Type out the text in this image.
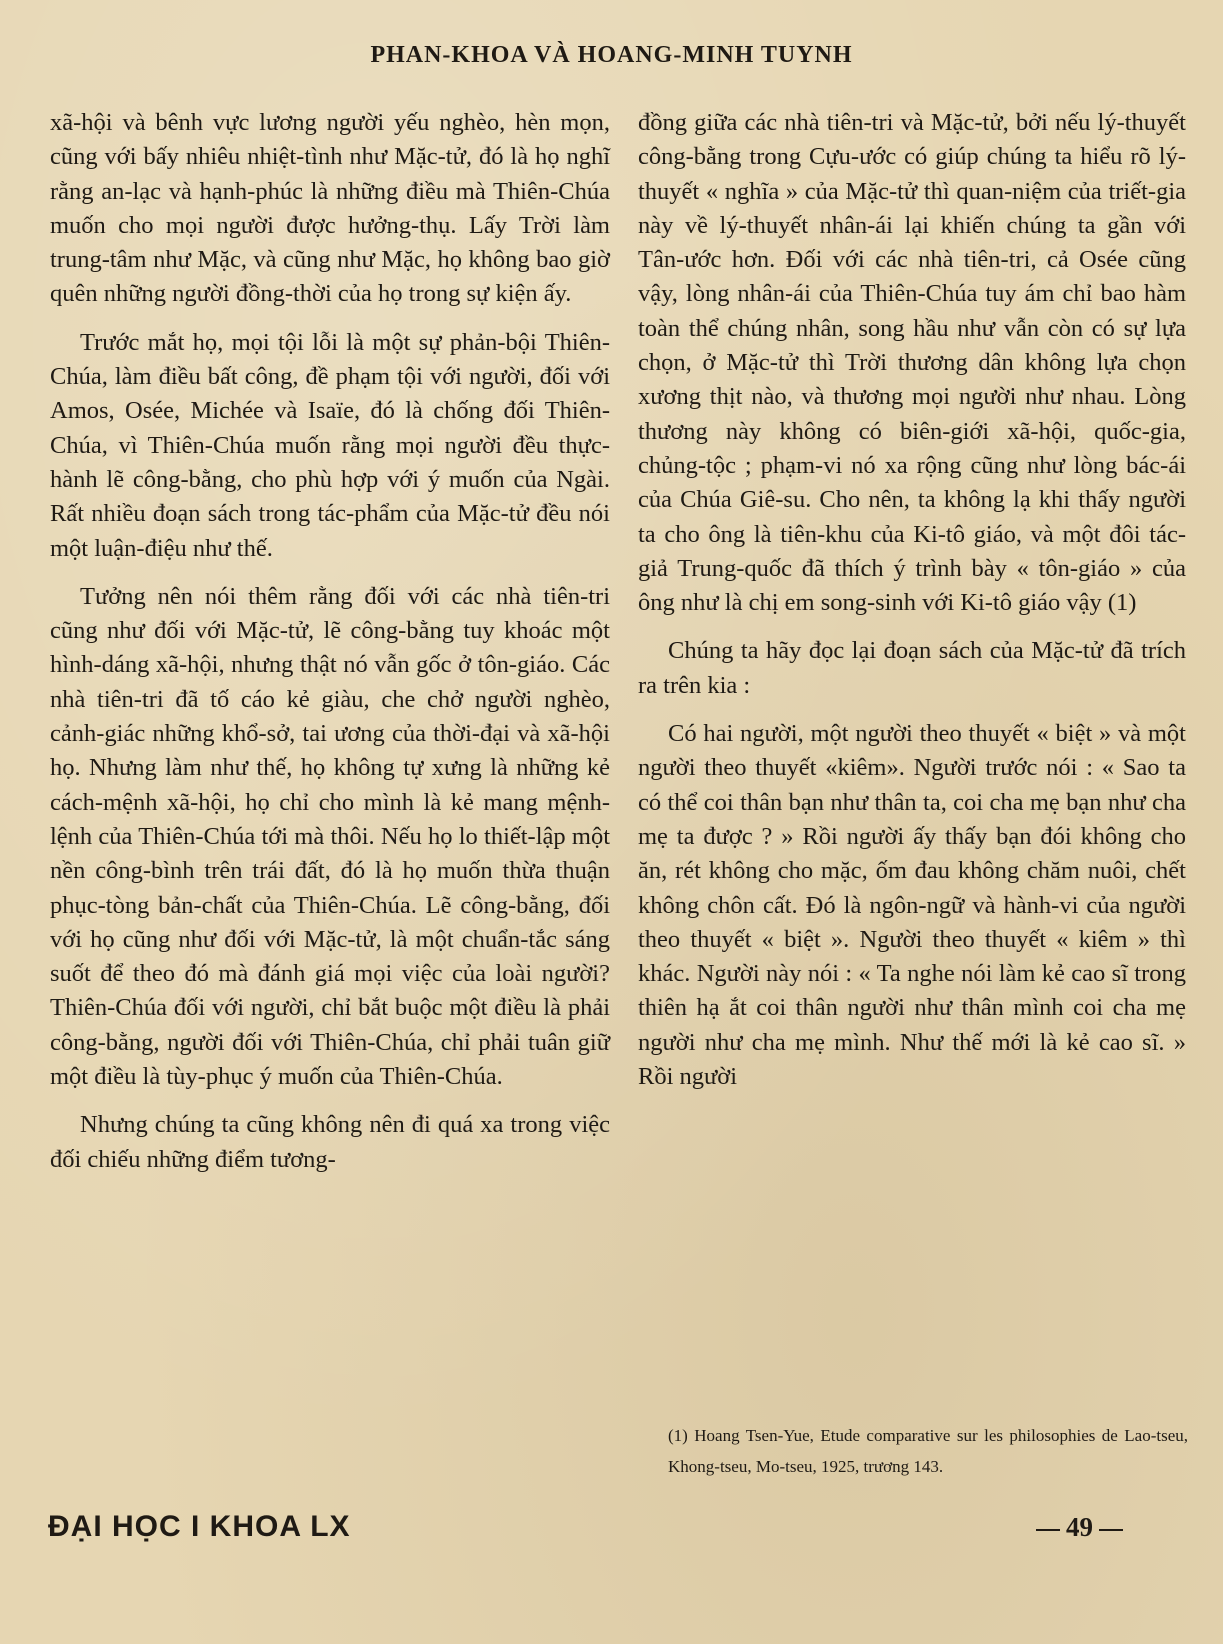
PHAN-KHOA VÀ HOANG-MINH TUYNH

xã-hội và bênh vực lương người yếu nghèo, hèn mọn, cũng với bấy nhiêu nhiệt-tình như Mặc-tử, đó là họ nghĩ rằng an-lạc và hạnh-phúc là những điều mà Thiên-Chúa muốn cho mọi người được hưởng-thụ. Lấy Trời làm trung-tâm như Mặc, và cũng như Mặc, họ không bao giờ quên những người đồng-thời của họ trong sự kiện ấy.

Trước mắt họ, mọi tội lỗi là một sự phản-bội Thiên-Chúa, làm điều bất công, đề phạm tội với người, đối với Amos, Osée, Michée và Isaïe, đó là chống đối Thiên-Chúa, vì Thiên-Chúa muốn rằng mọi người đều thực-hành lẽ công-bằng, cho phù hợp với ý muốn của Ngài. Rất nhiều đoạn sách trong tác-phẩm của Mặc-tử đều nói một luận-điệu như thế.

Tưởng nên nói thêm rằng đối với các nhà tiên-tri cũng như đối với Mặc-tử, lẽ công-bằng tuy khoác một hình-dáng xã-hội, nhưng thật nó vẫn gốc ở tôn-giáo. Các nhà tiên-tri đã tố cáo kẻ giàu, che chở người nghèo, cảnh-giác những khổ-sở, tai ương của thời-đại và xã-hội họ. Nhưng làm như thế, họ không tự xưng là những kẻ cách-mệnh xã-hội, họ chỉ cho mình là kẻ mang mệnh-lệnh của Thiên-Chúa tới mà thôi. Nếu họ lo thiết-lập một nền công-bình trên trái đất, đó là họ muốn thừa thuận phục-tòng bản-chất của Thiên-Chúa. Lẽ công-bằng, đối với họ cũng như đối với Mặc-tử, là một chuẩn-tắc sáng suốt để theo đó mà đánh giá mọi việc của loài người? Thiên-Chúa đối với người, chỉ bắt buộc một điều là phải công-bằng, người đối với Thiên-Chúa, chỉ phải tuân giữ một điều là tùy-phục ý muốn của Thiên-Chúa.

Nhưng chúng ta cũng không nên đi quá xa trong việc đối chiếu những điểm tương-

đồng giữa các nhà tiên-tri và Mặc-tử, bởi nếu lý-thuyết công-bằng trong Cựu-ước có giúp chúng ta hiểu rõ lý-thuyết « nghĩa » của Mặc-tử thì quan-niệm của triết-gia này về lý-thuyết nhân-ái lại khiến chúng ta gần với Tân-ước hơn. Đối với các nhà tiên-tri, cả Osée cũng vậy, lòng nhân-ái của Thiên-Chúa tuy ám chỉ bao hàm toàn thể chúng nhân, song hầu như vẫn còn có sự lựa chọn, ở Mặc-tử thì Trời thương dân không lựa chọn xương thịt nào, và thương mọi người như nhau. Lòng thương này không có biên-giới xã-hội, quốc-gia, chủng-tộc ; phạm-vi nó xa rộng cũng như lòng bác-ái của Chúa Giê-su. Cho nên, ta không lạ khi thấy người ta cho ông là tiên-khu của Ki-tô giáo, và một đôi tác-giả Trung-quốc đã thích ý trình bày « tôn-giáo » của ông như là chị em song-sinh với Ki-tô giáo vậy (1)

Chúng ta hãy đọc lại đoạn sách của Mặc-tử đã trích ra trên kia :

Có hai người, một người theo thuyết « biệt » và một người theo thuyết «kiêm». Người trước nói : « Sao ta có thể coi thân bạn như thân ta, coi cha mẹ bạn như cha mẹ ta được ? » Rồi người ấy thấy bạn đói không cho ăn, rét không cho mặc, ốm đau không chăm nuôi, chết không chôn cất. Đó là ngôn-ngữ và hành-vi của người theo thuyết « biệt ». Người theo thuyết « kiêm » thì khác. Người này nói : « Ta nghe nói làm kẻ cao sĩ trong thiên hạ ắt coi thân người như thân mình coi cha mẹ người như cha mẹ mình. Như thế mới là kẻ cao sĩ. » Rồi người

(1) Hoang Tsen-Yue, Etude comparative sur les philosophies de Lao-tseu, Khong-tseu, Mo-tseu, 1925, trương 143.
ĐẠI HỌC I KHOA LX	49
